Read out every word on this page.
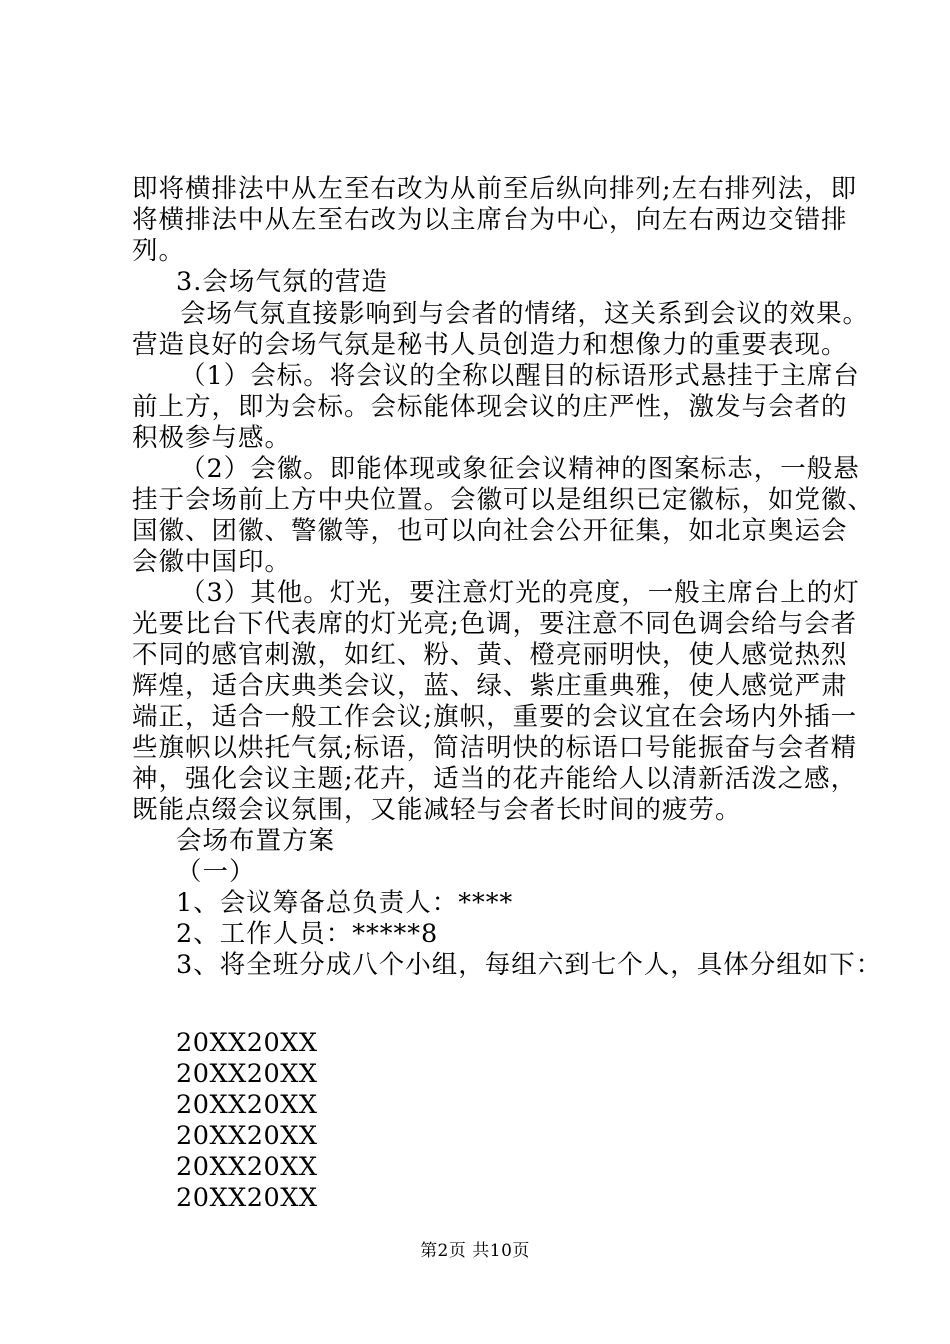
即将横排法中从左至右改为从前至后纵向排列;左右排列法，即
将横排法中从左至右改为以主席台为中心，向左右两边交错排
列。
3.会场气氛的营造
会场气氛直接影响到与会者的情绪，这关系到会议的效果。
营造良好的会场气氛是秘书人员创造力和想像力的重要表现。
（1）会标。将会议的全称以醒目的标语形式悬挂于主席台
前上方，即为会标。会标能体现会议的庄严性，激发与会者的
积极参与感。
（2）会徽。即能体现或象征会议精神的图案标志，一般悬
挂于会场前上方中央位置。会徽可以是组织已定徽标，如党徽、
国徽、团徽、警徽等，也可以向社会公开征集，如北京奥运会
会徽中国印。
（3）其他。灯光，要注意灯光的亮度，一般主席台上的灯
光要比台下代表席的灯光亮;色调，要注意不同色调会给与会者
不同的感官刺激，如红、粉、黄、橙亮丽明快，使人感觉热烈
辉煌，适合庆典类会议，蓝、绿、紫庄重典雅，使人感觉严肃
端正，适合一般工作会议;旗帜，重要的会议宜在会场内外插一
些旗帜以烘托气氛;标语，简洁明快的标语口号能振奋与会者精
神，强化会议主题;花卉，适当的花卉能给人以清新活泼之感，
既能点缀会议氛围，又能减轻与会者长时间的疲劳。
会场布置方案
（一）
1、会议筹备总负责人：****
2、工作人员：*****8
3、将全班分成八个小组，每组六到七个人，具体分组如下：
20XX20XX
20XX20XX
20XX20XX
20XX20XX
20XX20XX
20XX20XX
第2页 共10页
